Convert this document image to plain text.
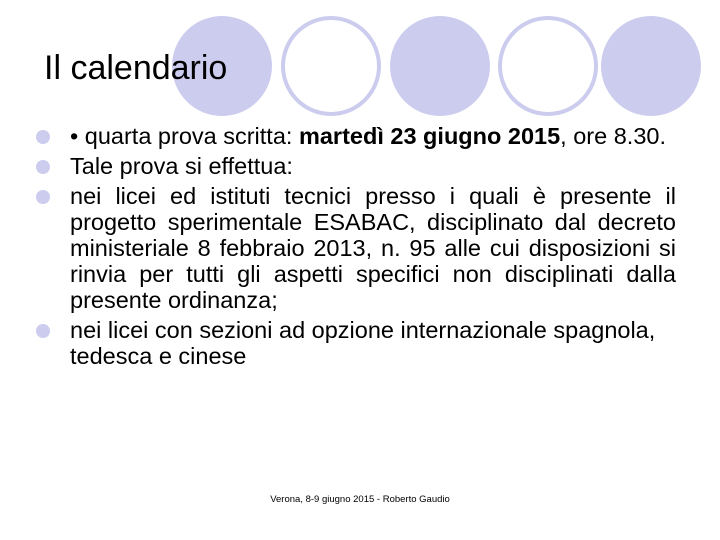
Il calendario
• quarta prova scritta: martedì 23 giugno 2015, ore 8.30.
Tale prova si effettua:
nei licei ed istituti tecnici presso i quali è presente il progetto sperimentale ESABAC, disciplinato dal decreto ministeriale 8 febbraio 2013, n. 95 alle cui disposizioni si rinvia per tutti gli aspetti specifici non disciplinati dalla presente ordinanza;
nei licei con sezioni ad opzione internazionale spagnola, tedesca e cinese
Verona, 8-9 giugno 2015 - Roberto Gaudio
